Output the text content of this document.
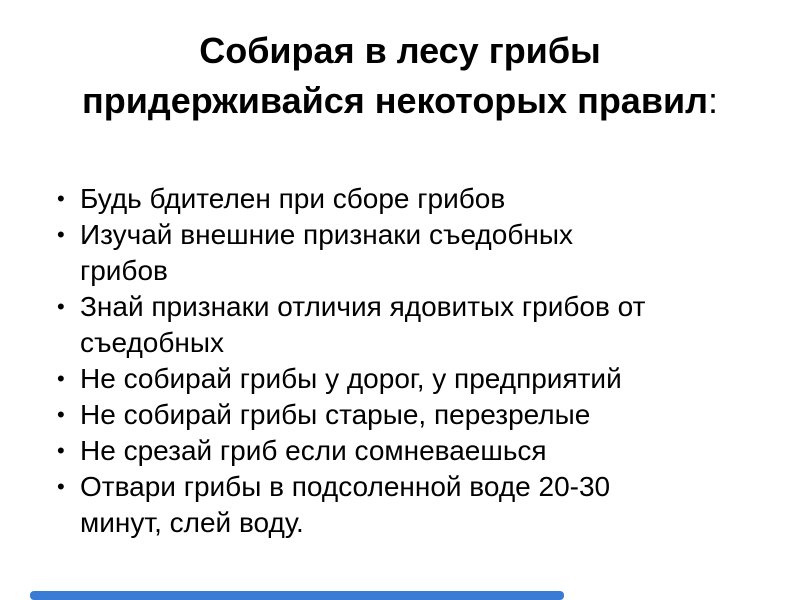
Собирая в лесу грибы
придерживайся некоторых правил:
• Будь бдителен при сборе грибов
• Изучай внешние признаки съедобных
грибов
• Знай признаки отличия ядовитых грибов от
съедобных
• Не собирай грибы у дорог, у предприятий
• Не собирай грибы старые, перезрелые
• Не срезай гриб если сомневаешься
• Отвари грибы в подсоленной воде 20-30
минут, слей воду.
